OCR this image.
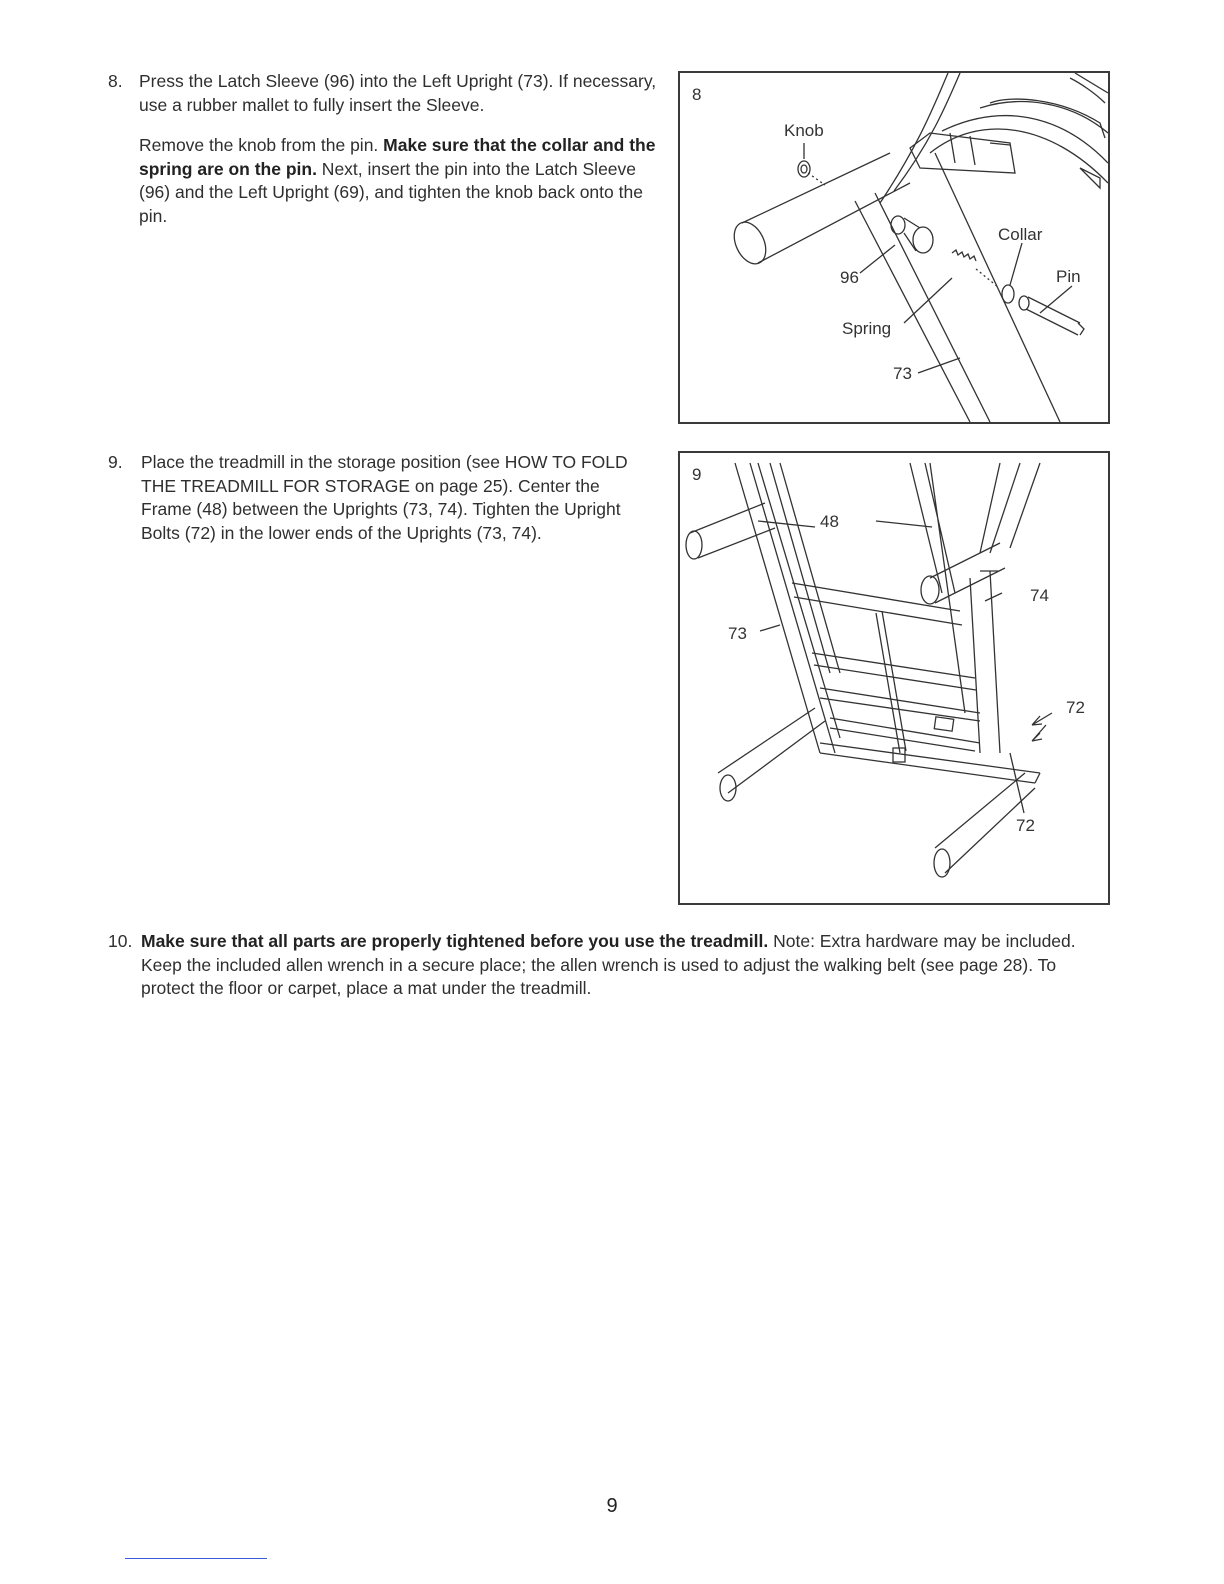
8. Press the Latch Sleeve (96) into the Left Upright (73). If necessary, use a rubber mallet to fully insert the Sleeve.

Remove the knob from the pin. Make sure that the collar and the spring are on the pin. Next, insert the pin into the Latch Sleeve (96) and the Left Upright (69), and tighten the knob back onto the pin.

8
Knob
Collar
Pin
96
Spring
73
9. Place the treadmill in the storage position (see HOW TO FOLD THE TREADMILL FOR STORAGE on page 25). Center the Frame (48) between the Uprights (73, 74). Tighten the Upright Bolts (72) in the lower ends of the Uprights (73, 74).

9
48
74
73
72
72
10. Make sure that all parts are properly tightened before you use the treadmill. Note: Extra hardware may be included. Keep the included allen wrench in a secure place; the allen wrench is used to adjust the walking belt (see page 28). To protect the floor or carpet, place a mat under the treadmill.

9
